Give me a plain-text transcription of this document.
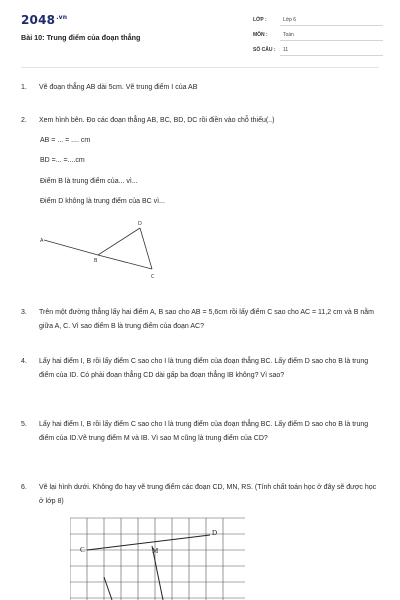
$2048^{.vn}$
Bài 10: Trung điểm của đoạn thẳng
LỚP :	Lớp 6
MÔN :	Toán
SỐ CÂU : 11
1. Vẽ đoạn thẳng AB dài 5cm. Vẽ trung điểm I của AB
2. Xem hình bên. Đo các đoạn thẳng AB, BC, BD, DC rồi điền vào chỗ thiếu(..)
AB = ... = .... cm
BD =... =....cm
Điểm B là trung điểm của... vì...
Điểm D không là trung điểm của BC vì...
A
B
D
C
3. Trên một đường thẳng lấy hai điểm A, B sao cho AB = 5,6cm rồi lấy điểm C sao cho AC = 11,2 cm và B nằm giữa A, C. Vì sao điểm B là trung điểm của đoạn AC?
4. Lấy hai điểm I, B rồi lấy điểm C sao cho I là trung điểm của đoạn thẳng BC. Lấy điểm D sao cho B là trung điểm của ID. Có phải đoạn thẳng CD dài gấp ba đoạn thẳng IB không? Vì sao?
5. Lấy hai điểm I, B rồi lấy điểm C sao cho I là trung điểm của đoạn thẳng BC. Lấy điểm D sao cho B là trung điểm của ID.Vẽ trung điểm M và IB. Vì sao M cũng là trung điểm của CD?
6. Vẽ lại hình dưới. Không đo hay vẽ trung điểm các đoạn CD, MN, RS. (Tính chất toán học ở đây sẽ được học ở lớp 8)
C	M
D
